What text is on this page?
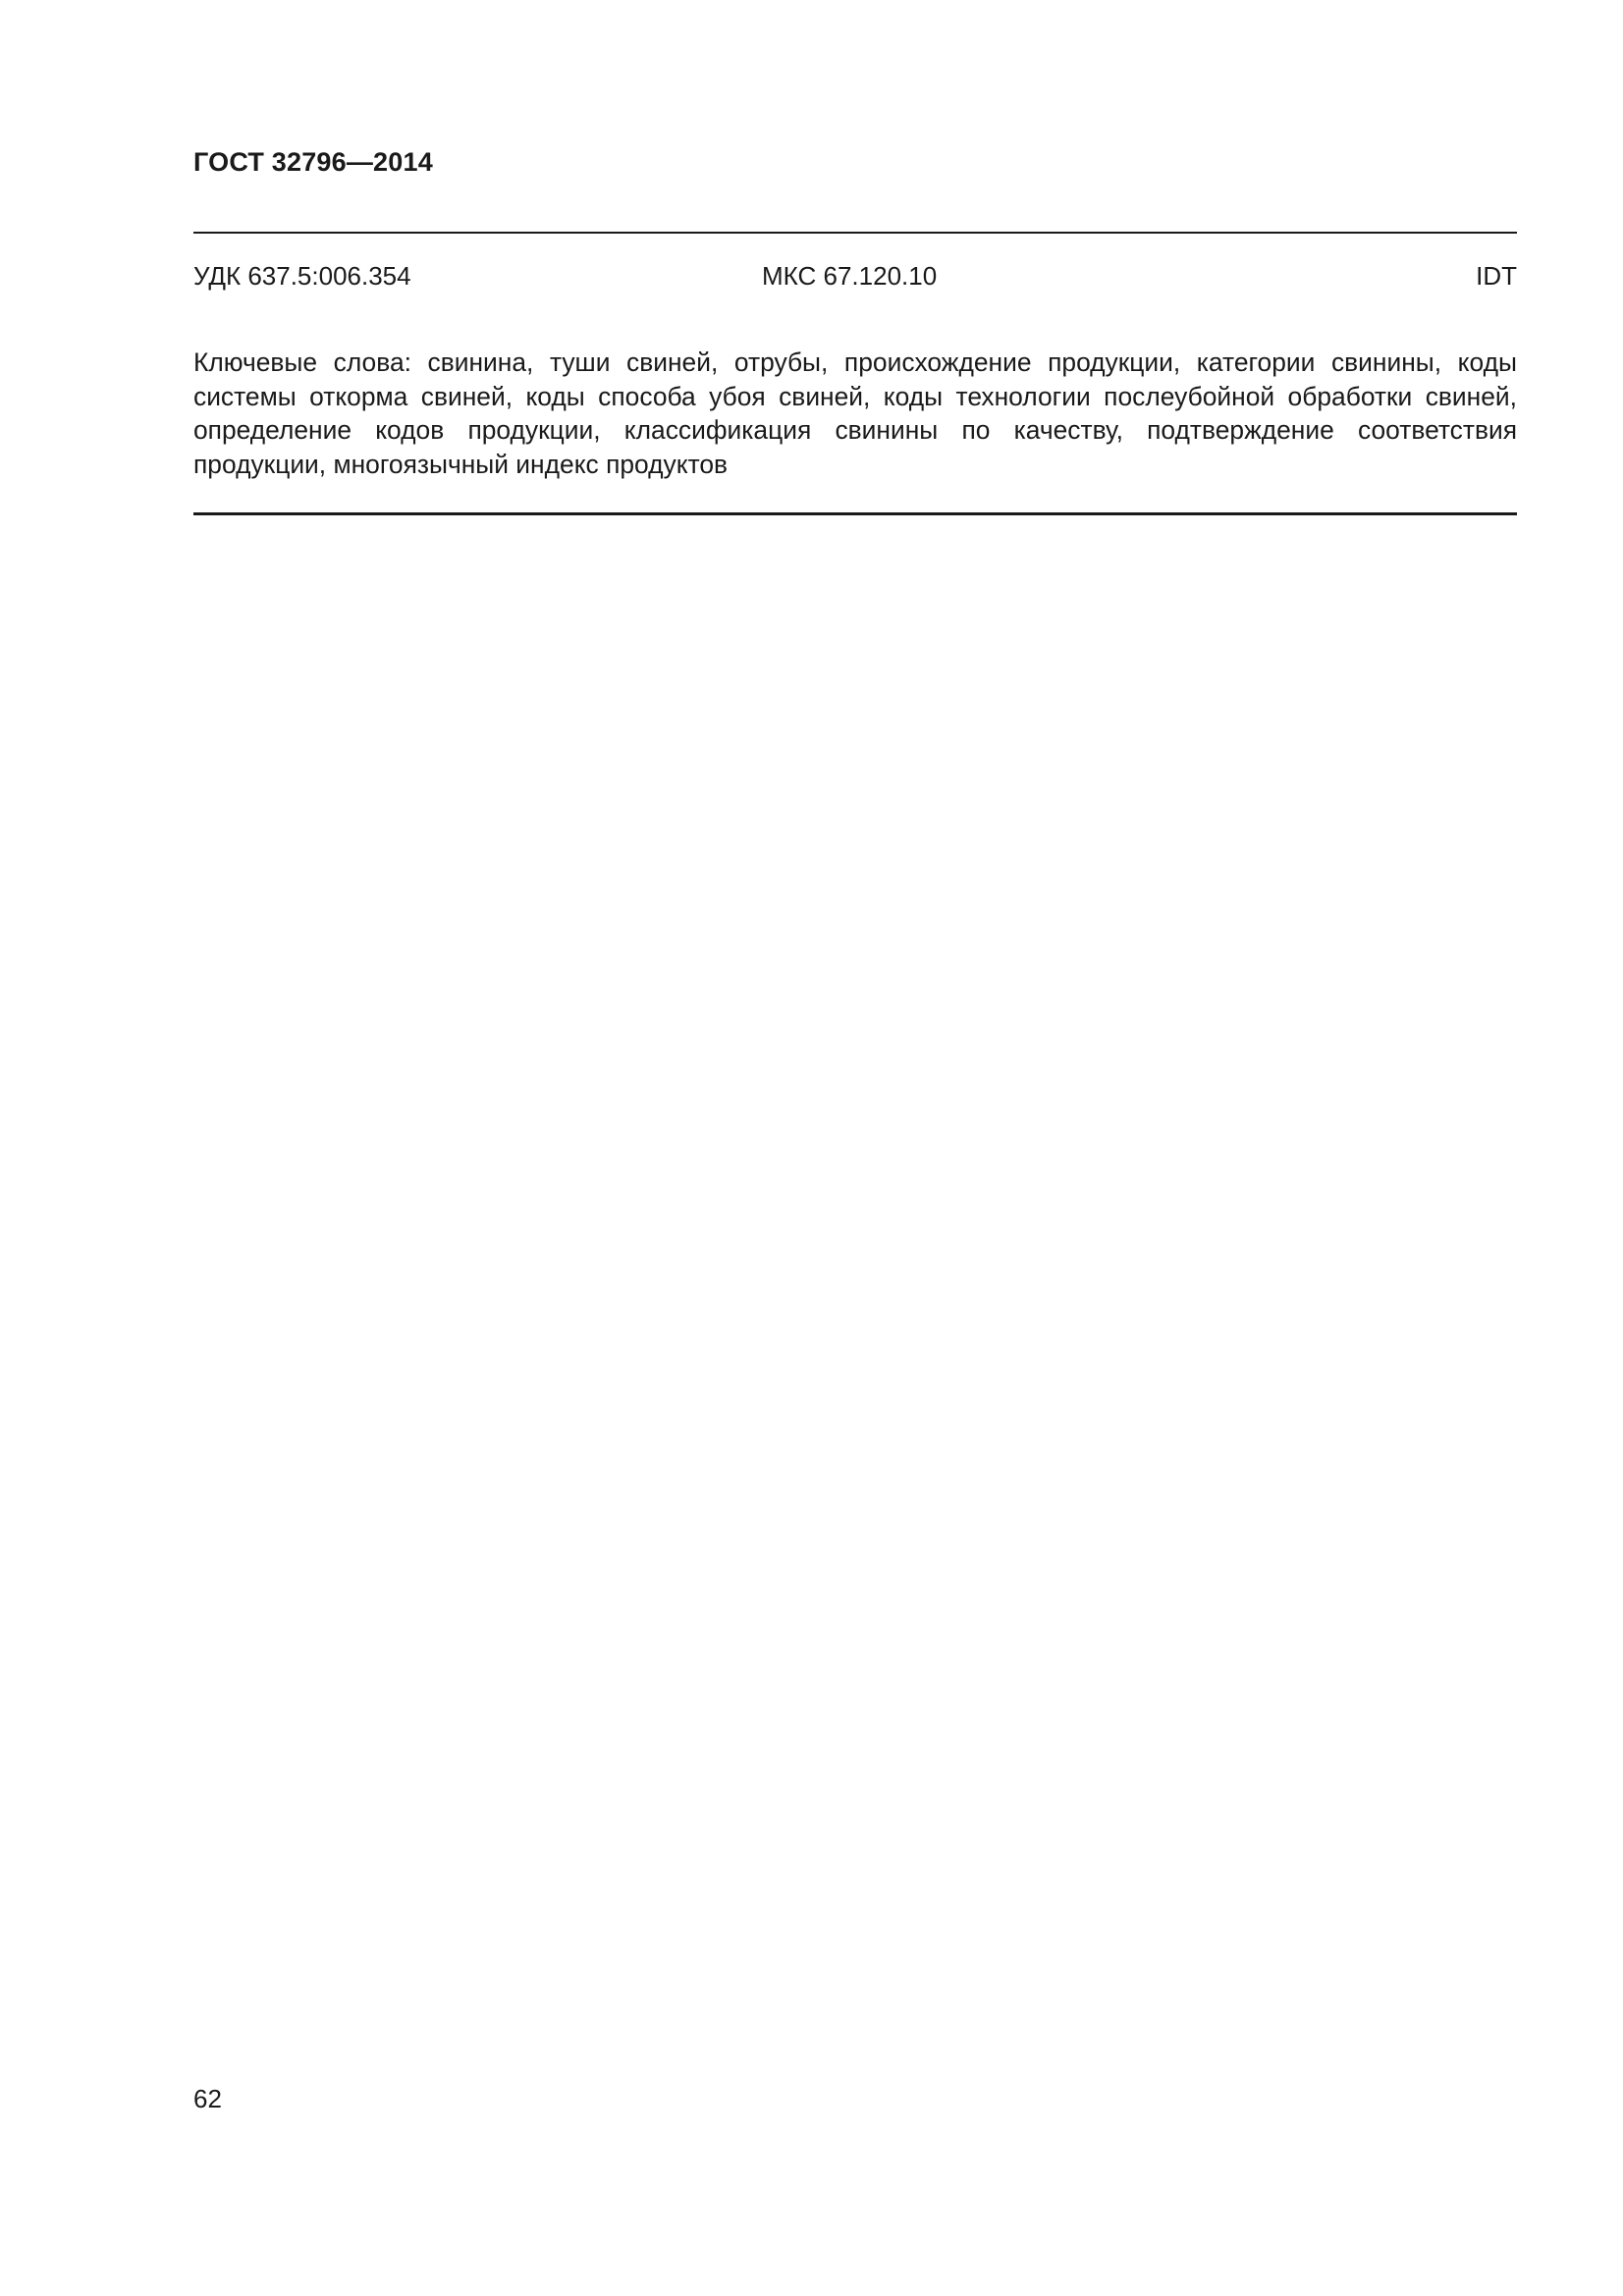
ГОСТ 32796—2014
УДК 637.5:006.354	МКС 67.120.10	IDT

Ключевые слова: свинина, туши свиней, отрубы, происхождение продукции, категории свинины, коды системы откорма свиней, коды способа убоя свиней, коды технологии послеубойной обработки свиней, определение кодов продукции, классификация свинины по качеству, подтверждение соответствия продукции, многоязычный индекс продуктов

62
